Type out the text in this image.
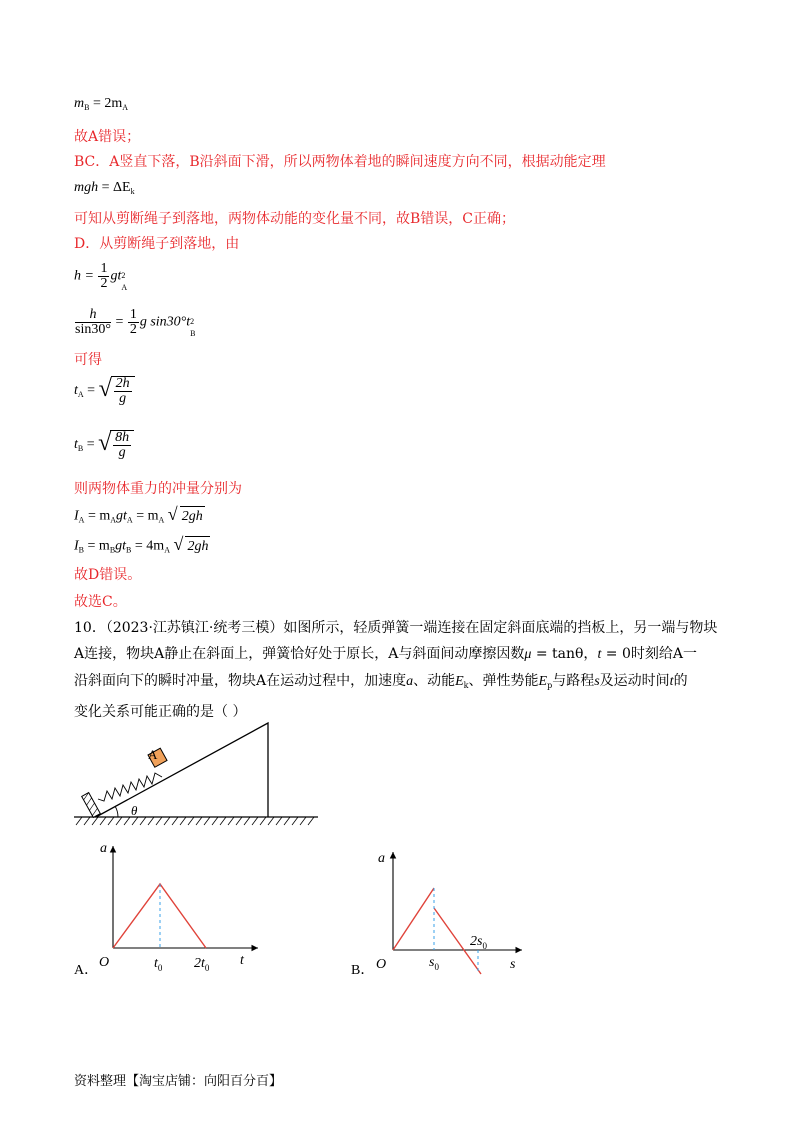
$m_B = 2m_A$
故A错误；
BC．A竖直下落，B沿斜面下滑，所以两物体着地的瞬间速度方向不同，根据动能定理
mgh = $\Delta E_k$
可知从剪断绳子到落地，两物体动能的变化量不同，故B错误，C正确；
D．从剪断绳子到落地，由
$h = \frac{1}{2}$ gt 2
A
$\frac{h}{\sin 30^\circ} = \frac{1}{2}$ g sin30°t 2
B
可得
$t_A$ = √ $\frac{2h}{g}$
$t_B$ = √ $\frac{8h}{g}$
则两物体重力的冲量分别为
$I_A = m_Agt_A = m_A$ √ 2gh
$I_B = m_Bgt_B = 4m_A$ √ 2gh
故D错误。
故选C。
10．（2023·江苏镇江·统考三模）如图所示，轻质弹簧一端连接在固定斜面底端的挡板上，另一端与物块
A连接，物块A静止在斜面上，弹簧恰好处于原长，A与斜面间动摩擦因数μ = tanθ，t = 0时刻给A一
沿斜面向下的瞬时冲量，物块A在运动过程中，加速度a、动能$E_k$、弹性势能$E_p$与路程s及运动时间t的
变化关系可能正确的是（ ）
A
θ
a
t
O	$t_0$ $2t_0$
A．
a
s
O	$s_0$
$2s_0$
B．
资料整理【淘宝店铺：向阳百分百】
